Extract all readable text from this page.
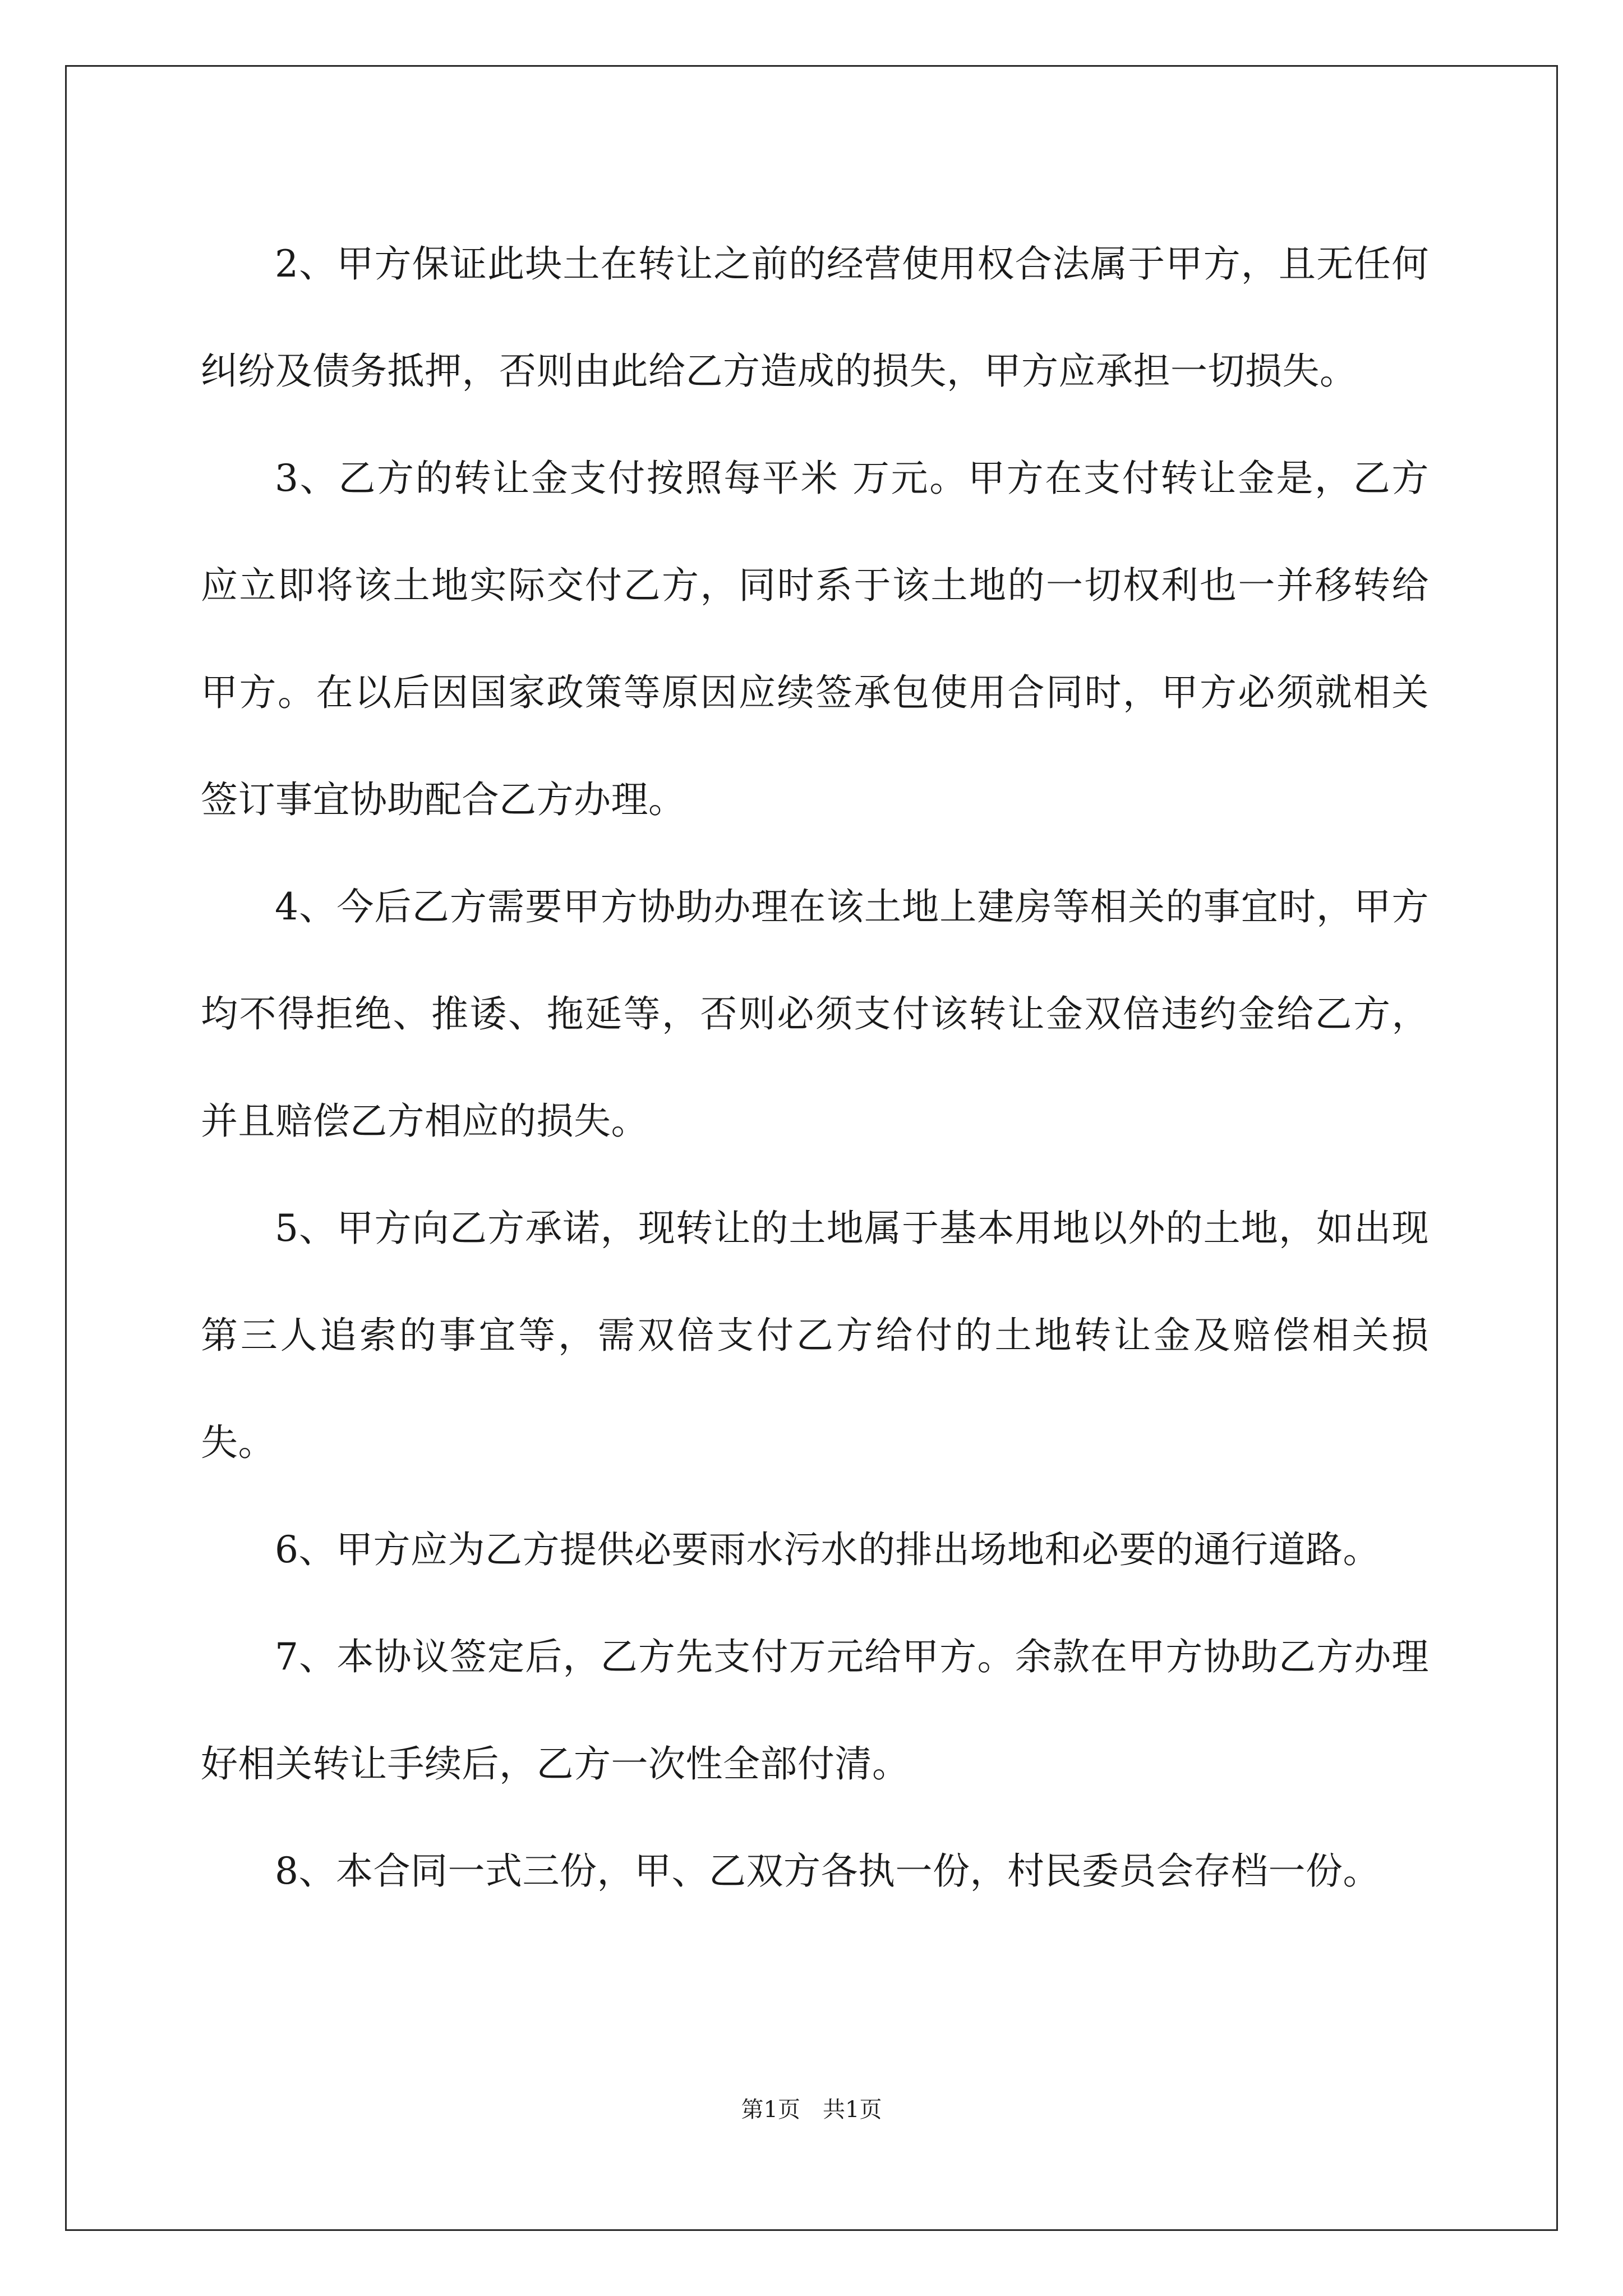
2、甲方保证此块土在转让之前的经营使用权合法属于甲方，且无任何纠纷及债务抵押，否则由此给乙方造成的损失，甲方应承担一切损失。

3、乙方的转让金支付按照每平米 万元。甲方在支付转让金是，乙方应立即将该土地实际交付乙方，同时系于该土地的一切权利也一并移转给甲方。在以后因国家政策等原因应续签承包使用合同时，甲方必须就相关签订事宜协助配合乙方办理。

4、今后乙方需要甲方协助办理在该土地上建房等相关的事宜时，甲方均不得拒绝、推诿、拖延等，否则必须支付该转让金双倍违约金给乙方，并且赔偿乙方相应的损失。

5、甲方向乙方承诺，现转让的土地属于基本用地以外的土地，如出现第三人追索的事宜等，需双倍支付乙方给付的土地转让金及赔偿相关损失。

6、甲方应为乙方提供必要雨水污水的排出场地和必要的通行道路。

7、本协议签定后，乙方先支付万元给甲方。余款在甲方协助乙方办理好相关转让手续后，乙方一次性全部付清。

8、本合同一式三份，甲、乙双方各执一份，村民委员会存档一份。

第1页　共1页
